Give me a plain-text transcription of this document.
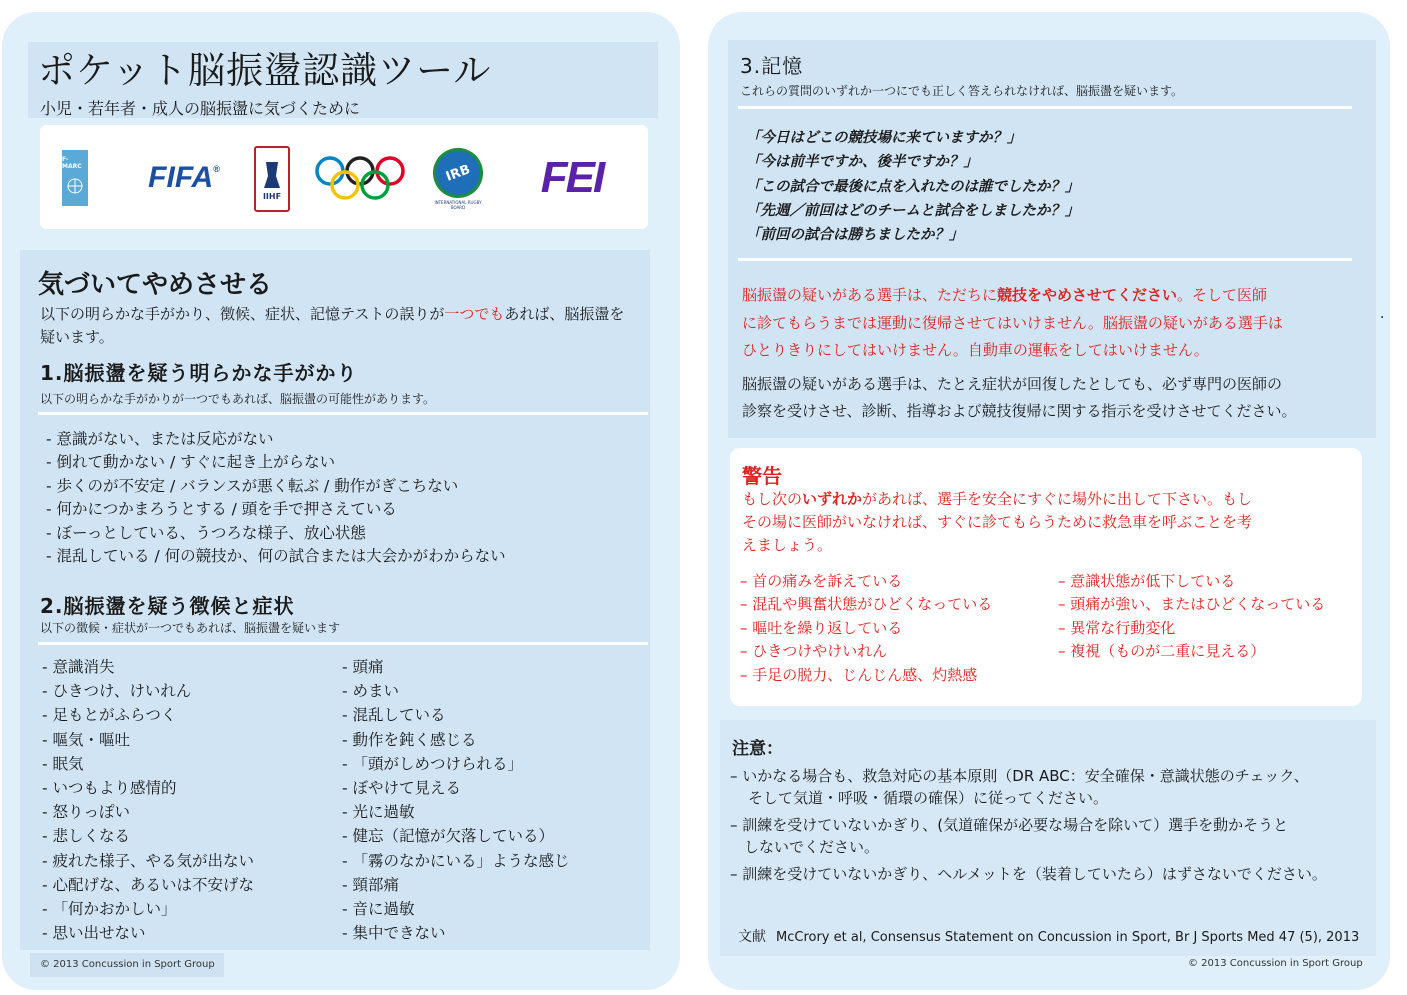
ポケット脳振盪認識ツール
小児・若年者・成人の脳振盪に気づくために
F-MARC FIFA ®
IIHF
IRB
INTERNATIONAL RUGBY BOARD
FEI
気づいてやめさせる
以下の明らかな手がかり、徴候、症状、記憶テストの誤りが一つでもあれば、脳振盪を
疑います。
1.脳振盪を疑う明らかな手がかり
以下の明らかな手がかりが一つでもあれば、脳振盪の可能性があります。
- 意識がない、または反応がない
- 倒れて動かない / すぐに起き上がらない
- 歩くのが不安定 / バランスが悪く転ぶ / 動作がぎこちない
- 何かにつかまろうとする / 頭を手で押さえている
- ぼーっとしている、うつろな様子、放心状態
- 混乱している / 何の競技か、何の試合または大会かがわからない
2.脳振盪を疑う徴候と症状
以下の徴候・症状が一つでもあれば、脳振盪を疑います
- 意識消失
- ひきつけ、けいれん
- 足もとがふらつく
- 嘔気・嘔吐
- 眠気
- いつもより感情的
- 怒りっぽい
- 悲しくなる
- 疲れた様子、やる気が出ない
- 心配げな、あるいは不安げな
- 「何かおかしい」
- 思い出せない
- 頭痛
- めまい
- 混乱している
- 動作を鈍く感じる
- 「頭がしめつけられる」
- ぼやけて見える
- 光に過敏
- 健忘（記憶が欠落している）
- 「霧のなかにいる」ような感じ
- 頸部痛
- 音に過敏
- 集中できない
© 2013 Concussion in Sport Group
3.記憶
これらの質問のいずれか一つにでも正しく答えられなければ、脳振盪を疑います。
「今日はどこの競技場に来ていますか？」
「今は前半ですか、後半ですか？」
「この試合で最後に点を入れたのは誰でしたか？」
「先週／前回はどのチームと試合をしましたか？」
「前回の試合は勝ちましたか？」
脳振盪の疑いがある選手は、ただちに競技をやめさせてください。そして医師
に診てもらうまでは運動に復帰させてはいけません。脳振盪の疑いがある選手は
ひとりきりにしてはいけません。自動車の運転をしてはいけません。
脳振盪の疑いがある選手は、たとえ症状が回復したとしても、必ず専門の医師の
診察を受けさせ、診断、指導および競技復帰に関する指示を受けさせてください。
.
警告
もし次のいずれかがあれば、選手を安全にすぐに場外に出して下さい。もし
その場に医師がいなければ、すぐに診てもらうために救急車を呼ぶことを考
えましょう。
– 首の痛みを訴えている
– 混乱や興奮状態がひどくなっている
– 嘔吐を繰り返している
– ひきつけやけいれん
– 手足の脱力、じんじん感、灼熱感
– 意識状態が低下している
– 頭痛が強い、またはひどくなっている
– 異常な行動変化
– 複視（ものが二重に見える）
注意：
– いかなる場合も、救急対応の基本原則（DR ABC：安全確保・意識状態のチェック、
そして気道・呼吸・循環の確保）に従ってください。
– 訓練を受けていないかぎり、(気道確保が必要な場合を除いて）選手を動かそうと
しないでください。
– 訓練を受けていないかぎり、ヘルメットを（装着していたら）はずさないでください。
文献 McCrory et al, Consensus Statement on Concussion in Sport, Br J Sports Med 47 (5), 2013
© 2013 Concussion in Sport Group
